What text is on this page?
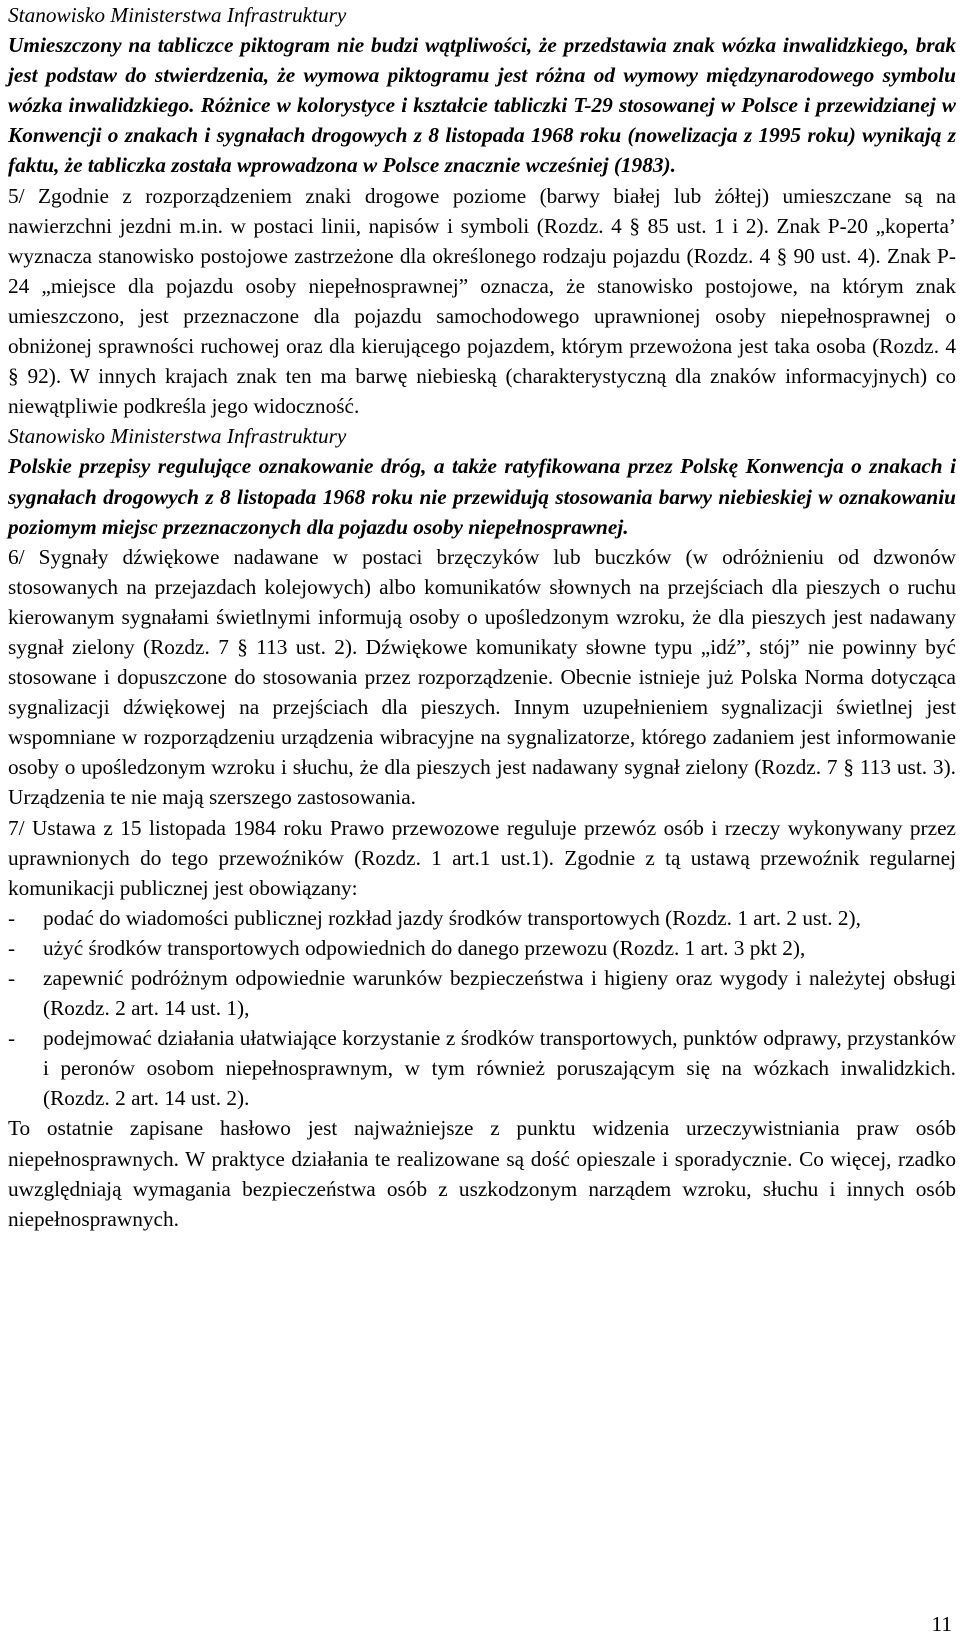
Stanowisko Ministerstwa Infrastruktury

Umieszczony na tabliczce piktogram nie budzi wątpliwości, że przedstawia znak wózka inwalidzkiego, brak jest podstaw do stwierdzenia, że wymowa piktogramu jest różna od wymowy międzynarodowego symbolu wózka inwalidzkiego. Różnice w kolorystyce i kształcie tabliczki T-29 stosowanej w Polsce i przewidzianej w Konwencji o znakach i sygnałach drogowych z 8 listopada 1968 roku (nowelizacja z 1995 roku) wynikają z faktu, że tabliczka została wprowadzona w Polsce znacznie wcześniej (1983).

5/ Zgodnie z rozporządzeniem znaki drogowe poziome (barwy białej lub żółtej) umieszczane są na nawierzchni jezdni m.in. w postaci linii, napisów i symboli (Rozdz. 4 § 85 ust. 1 i 2). Znak P-20 „koperta’ wyznacza stanowisko postojowe zastrzeżone dla określonego rodzaju pojazdu (Rozdz. 4 § 90 ust. 4). Znak P-24 „miejsce dla pojazdu osoby niepełnosprawnej” oznacza, że stanowisko postojowe, na którym znak umieszczono, jest przeznaczone dla pojazdu samochodowego uprawnionej osoby niepełnosprawnej o obniżonej sprawności ruchowej oraz dla kierującego pojazdem, którym przewożona jest taka osoba (Rozdz. 4 § 92). W innych krajach znak ten ma barwę niebieską (charakterystyczną dla znaków informacyjnych) co niewątpliwie podkreśla jego widoczność.

Stanowisko Ministerstwa Infrastruktury

Polskie przepisy regulujące oznakowanie dróg, a także ratyfikowana przez Polskę Konwencja o znakach i sygnałach drogowych z 8 listopada 1968 roku nie przewidują stosowania barwy niebieskiej w oznakowaniu poziomym miejsc przeznaczonych dla pojazdu osoby niepełnosprawnej.

6/ Sygnały dźwiękowe nadawane w postaci brzęczyków lub buczków (w odróżnieniu od dzwonów stosowanych na przejazdach kolejowych) albo komunikatów słownych na przejściach dla pieszych o ruchu kierowanym sygnałami świetlnymi informują osoby o upośledzonym wzroku, że dla pieszych jest nadawany sygnał zielony (Rozdz. 7 § 113 ust. 2). Dźwiękowe komunikaty słowne typu „idź”, stój” nie powinny być stosowane i dopuszczone do stosowania przez rozporządzenie. Obecnie istnieje już Polska Norma dotycząca sygnalizacji dźwiękowej na przejściach dla pieszych. Innym uzupełnieniem sygnalizacji świetlnej jest wspomniane w rozporządzeniu urządzenia wibracyjne na sygnalizatorze, którego zadaniem jest informowanie osoby o upośledzonym wzroku i słuchu, że dla pieszych jest nadawany sygnał zielony (Rozdz. 7 § 113 ust. 3). Urządzenia te nie mają szerszego zastosowania.

7/ Ustawa z 15 listopada 1984 roku Prawo przewozowe reguluje przewóz osób i rzeczy wykonywany przez uprawnionych do tego przewoźników (Rozdz. 1 art.1 ust.1). Zgodnie z tą ustawą przewoźnik regularnej komunikacji publicznej jest obowiązany:

- podać do wiadomości publicznej rozkład jazdy środków transportowych (Rozdz. 1 art. 2 ust. 2),
- użyć środków transportowych odpowiednich do danego przewozu (Rozdz. 1 art. 3 pkt 2),
- zapewnić podróżnym odpowiednie warunków bezpieczeństwa i higieny oraz wygody i należytej obsługi (Rozdz. 2 art. 14 ust. 1),
- podejmować działania ułatwiające korzystanie z środków transportowych, punktów odprawy, przystanków i peronów osobom niepełnosprawnym, w tym również poruszającym się na wózkach inwalidzkich. (Rozdz. 2 art. 14 ust. 2).

To ostatnie zapisane hasłowo jest najważniejsze z punktu widzenia urzeczywistniania praw osób niepełnosprawnych. W praktyce działania te realizowane są dość opieszale i sporadycznie. Co więcej, rzadko uwzględniają wymagania bezpieczeństwa osób z uszkodzonym narządem wzroku, słuchu i innych osób niepełnosprawnych.

11
